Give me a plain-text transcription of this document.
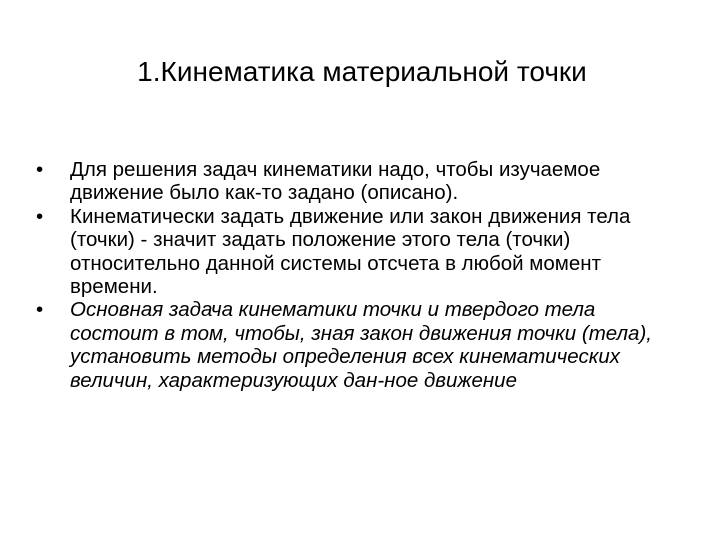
1.Кинематика материальной точки
•	Для решения задач кинематики надо, чтобы изучаемое движение было как-то задано (описано).
•	Кинематически задать движение или закон движения тела (точки) - значит задать положение этого тела (точки) относительно данной системы отсчета в любой момент времени.
•	Основная задача кинематики точки и твердого тела состоит в том, чтобы, зная закон движения точки (тела), установить методы определения всех кинематических величин, характеризующих дан-ное движение
